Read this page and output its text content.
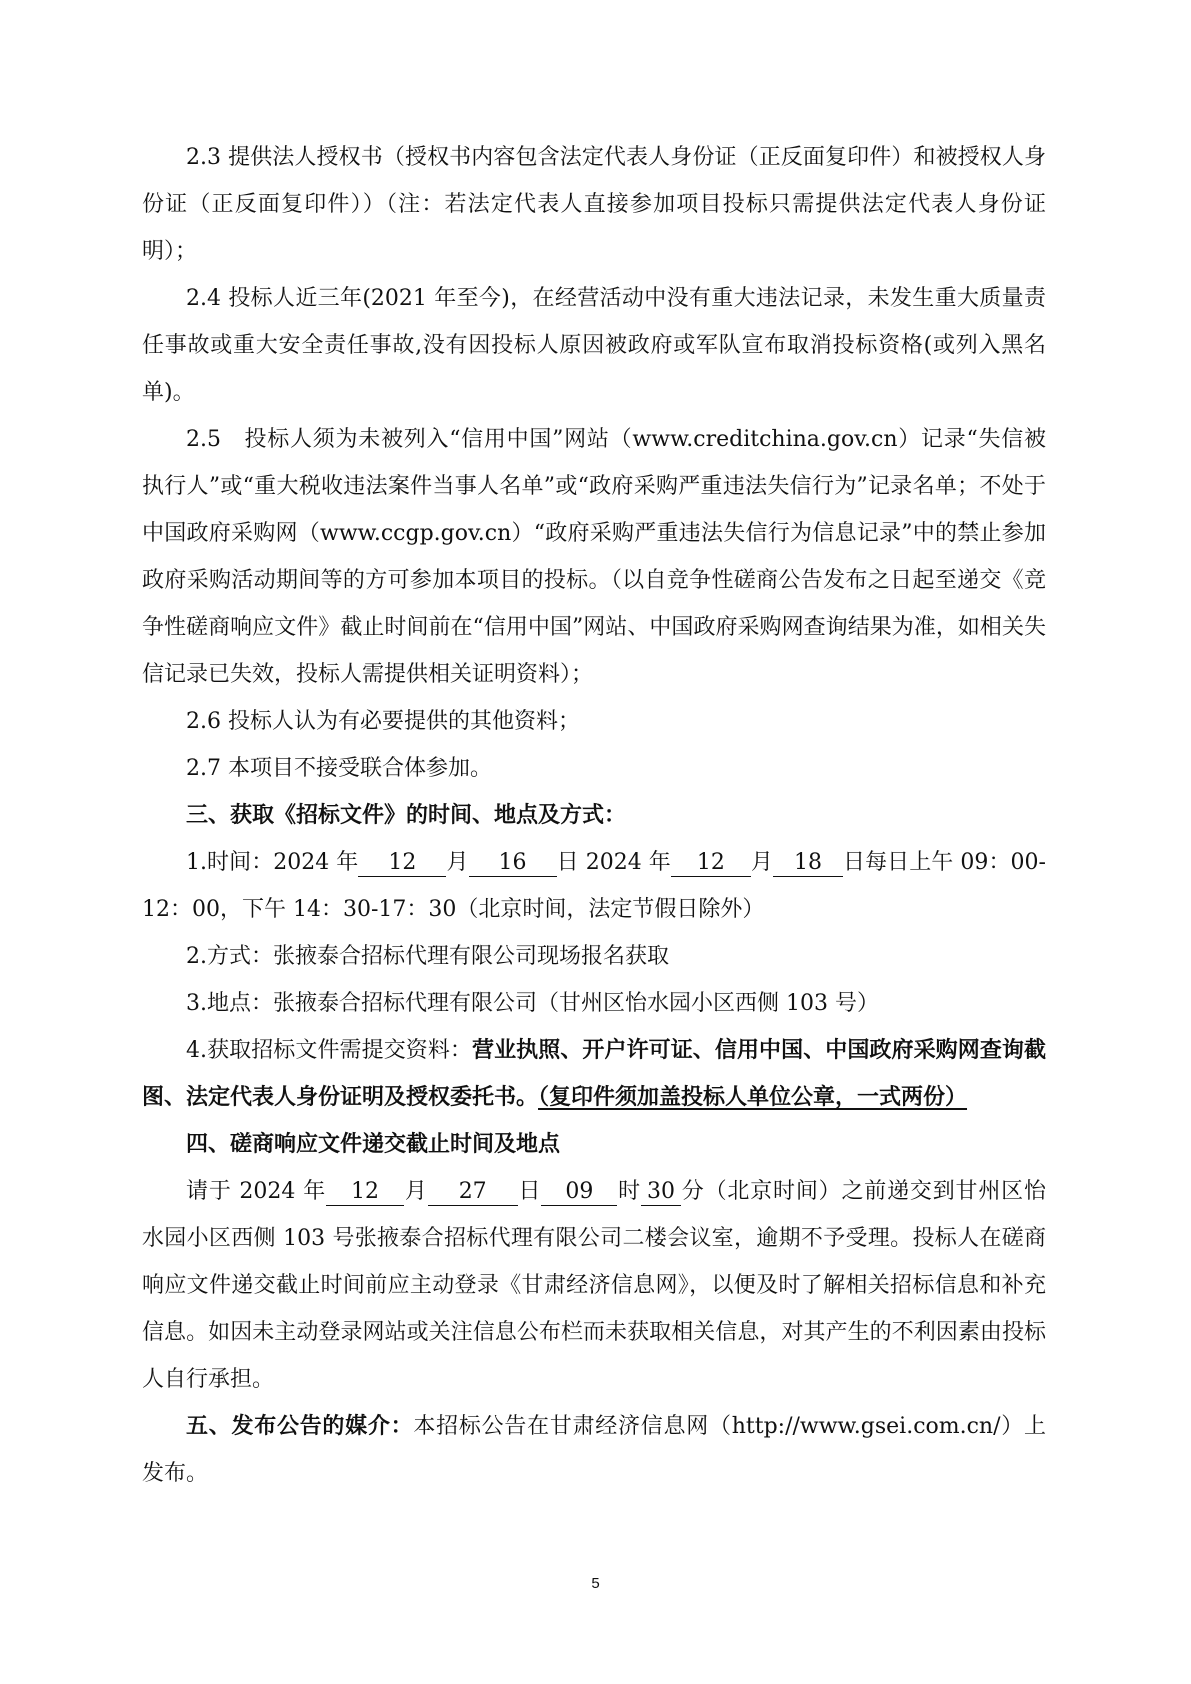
2.3 提供法人授权书（授权书内容包含法定代表人身份证（正反面复印件）和被授权人身份证（正反面复印件））（注：若法定代表人直接参加项目投标只需提供法定代表人身份证明）；

2.4 投标人近三年(2021 年至今)，在经营活动中没有重大违法记录，未发生重大质量责任事故或重大安全责任事故,没有因投标人原因被政府或军队宣布取消投标资格(或列入黑名单)。

2.5　投标人须为未被列入“信用中国”网站（www.creditchina.gov.cn）记录“失信被执行人”或“重大税收违法案件当事人名单”或“政府采购严重违法失信行为”记录名单；不处于中国政府采购网（www.ccgp.gov.cn）“政府采购严重违法失信行为信息记录”中的禁止参加政府采购活动期间等的方可参加本项目的投标。（以自竞争性磋商公告发布之日起至递交《竞争性磋商响应文件》截止时间前在“信用中国”网站、中国政府采购网查询结果为准，如相关失信记录已失效，投标人需提供相关证明资料）；

2.6 投标人认为有必要提供的其他资料；

2.7 本项目不接受联合体参加。

三、获取《招标文件》的时间、地点及方式：

1.时间：2024 年 12 月 16 日 2024 年 12 月 18 日每日上午 09：00-12：00，下午 14：30-17：30（北京时间，法定节假日除外）

2.方式：张掖泰合招标代理有限公司现场报名获取

3.地点：张掖泰合招标代理有限公司（甘州区怡水园小区西侧 103 号）

4.获取招标文件需提交资料：营业执照、开户许可证、信用中国、中国政府采购网查询截图、法定代表人身份证明及授权委托书。（复印件须加盖投标人单位公章，一式两份）

四、磋商响应文件递交截止时间及地点

请于 2024 年 12 月 27 日 09 时 30 分（北京时间）之前递交到甘州区怡水园小区西侧 103 号张掖泰合招标代理有限公司二楼会议室，逾期不予受理。投标人在磋商响应文件递交截止时间前应主动登录《甘肃经济信息网》，以便及时了解相关招标信息和补充信息。如因未主动登录网站或关注信息公布栏而未获取相关信息，对其产生的不利因素由投标人自行承担。

五、发布公告的媒介：本招标公告在甘肃经济信息网（http://www.gsei.com.cn/）上发布。

5
